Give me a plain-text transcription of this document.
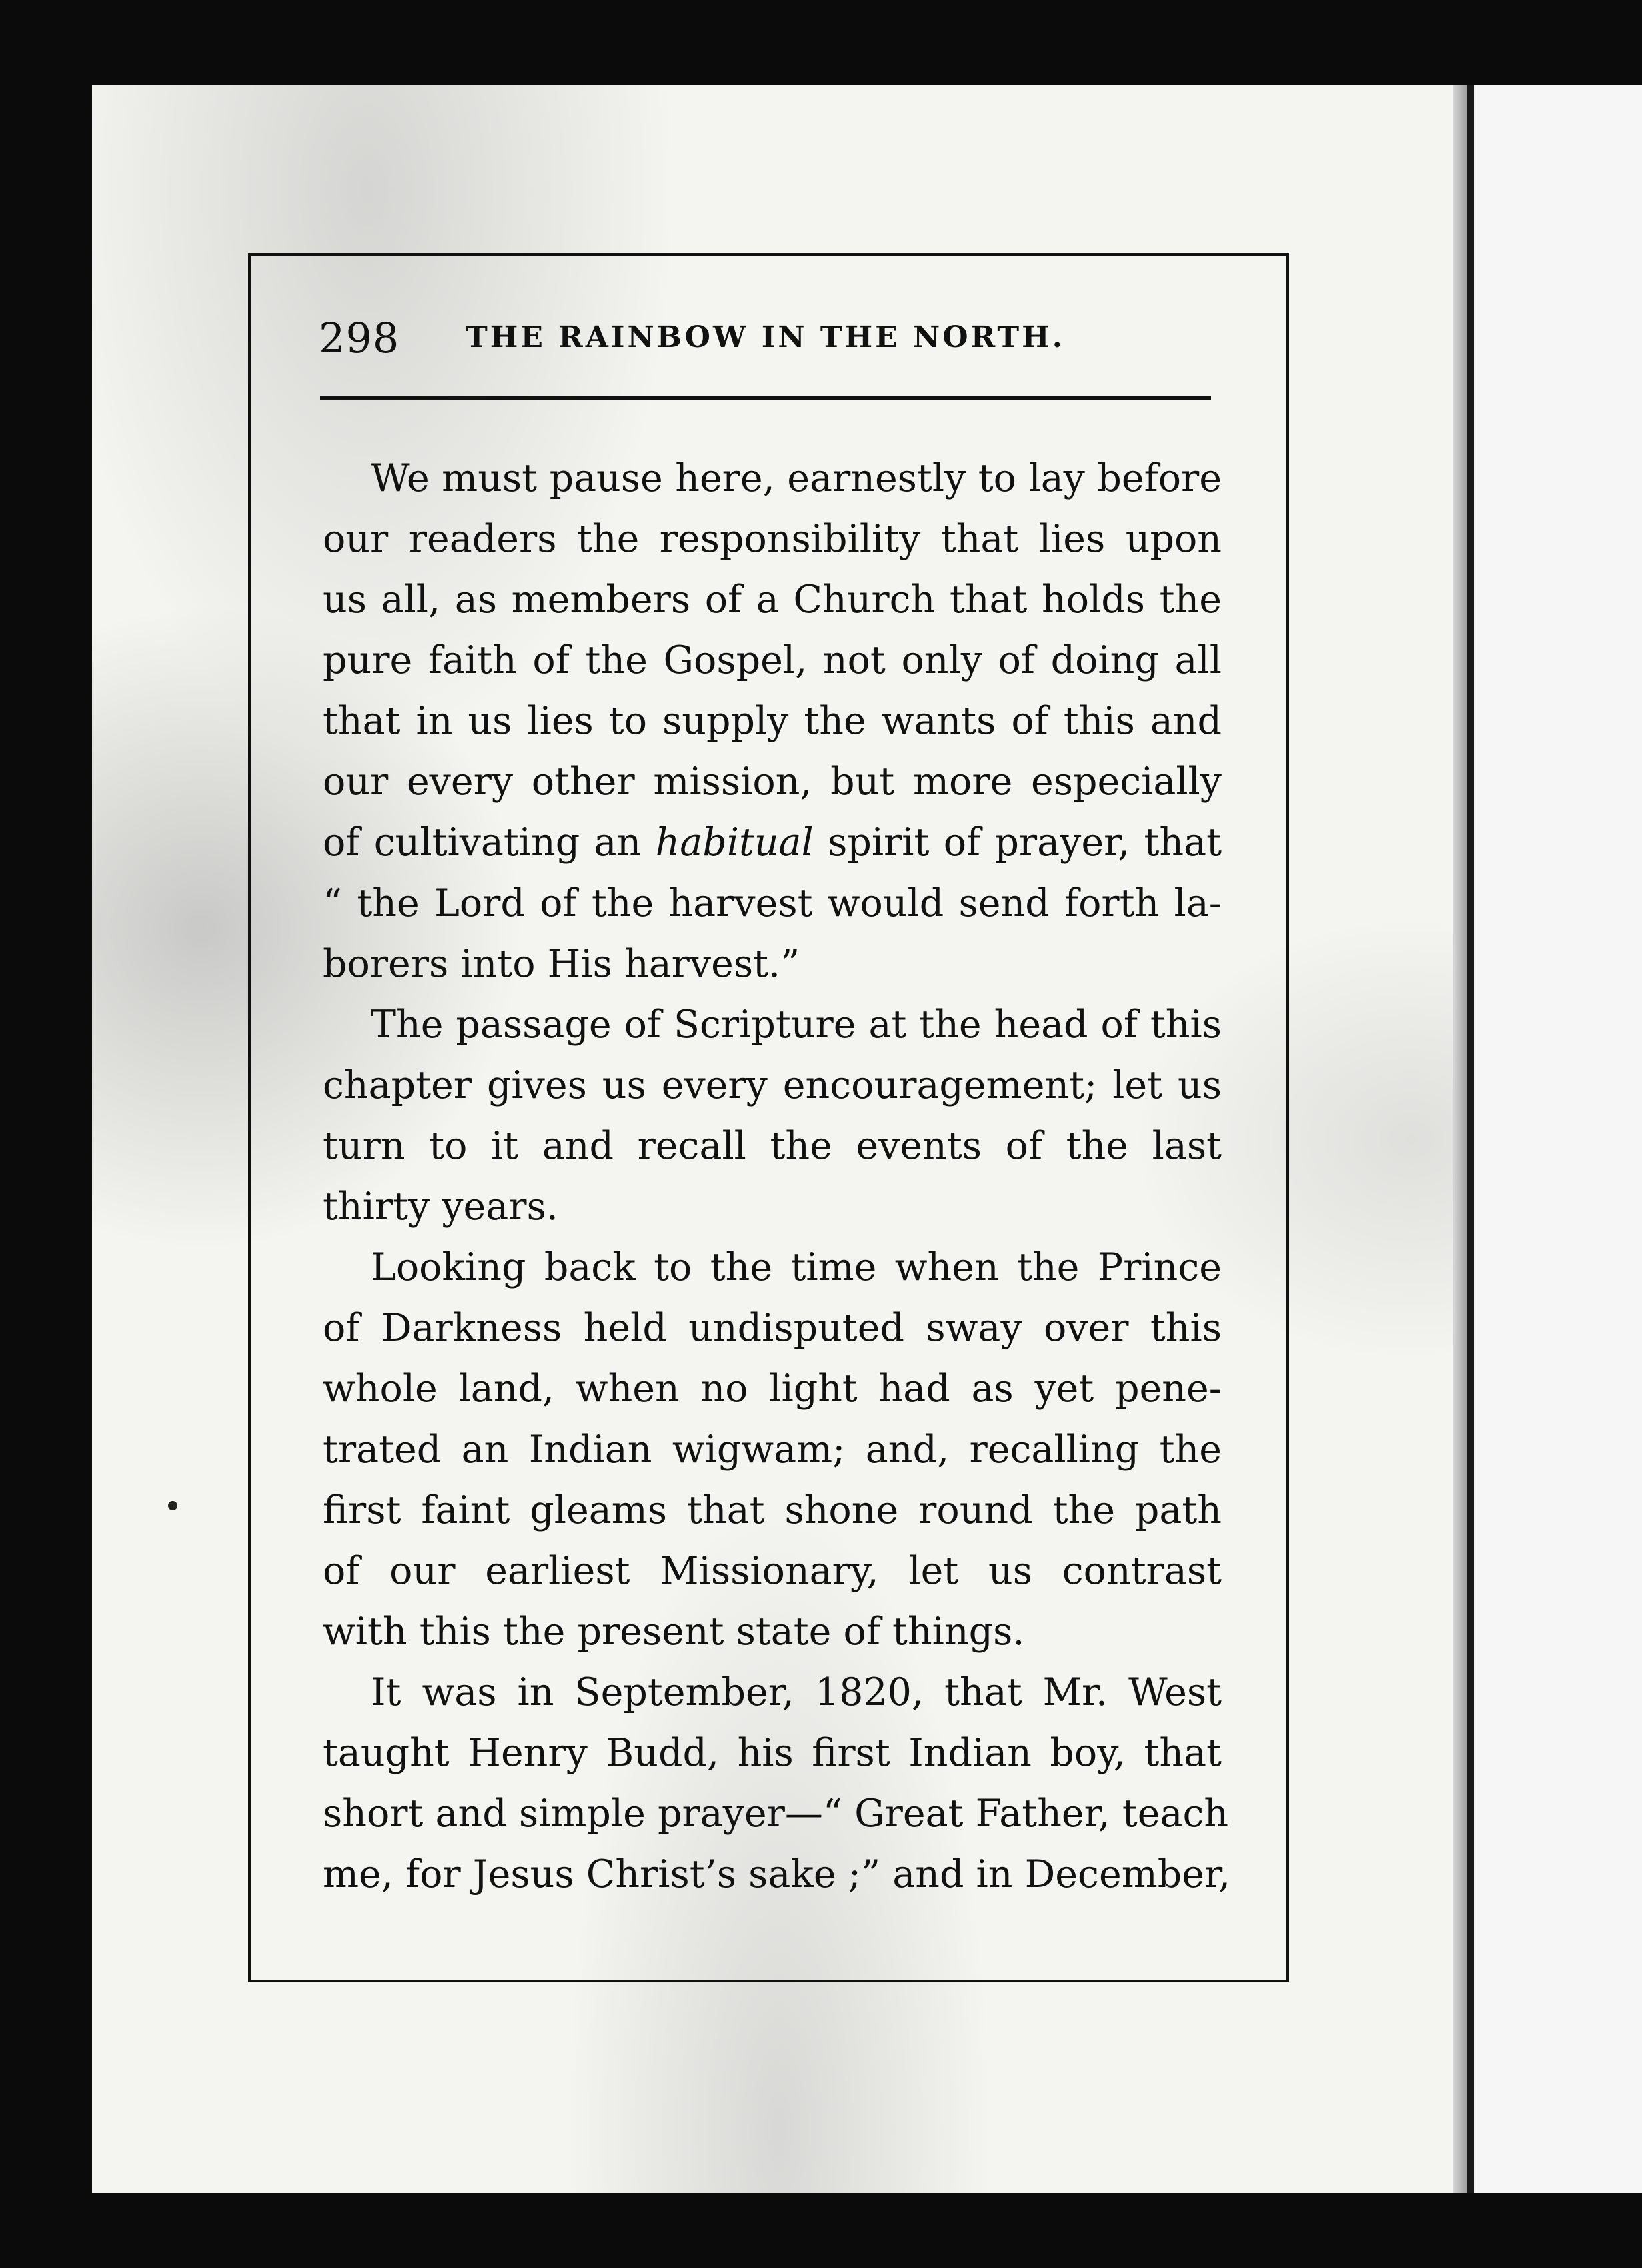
298 THE RAINBOW IN THE NORTH.
We must pause here, earnestly to lay before
our readers the responsibility that lies upon
us all, as members of a Church that holds the
pure faith of the Gospel, not only of doing all
that in us lies to supply the wants of this and
our every other mission, but more especially
of cultivating an habitual spirit of prayer, that
“ the Lord of the harvest would send forth la-
borers into His harvest.”
The passage of Scripture at the head of this
chapter gives us every encouragement; let us
turn to it and recall the events of the last
thirty years.
Looking back to the time when the Prince
of Darkness held undisputed sway over this
whole land, when no light had as yet pene-
trated an Indian wigwam; and, recalling the
first faint gleams that shone round the path
of our earliest Missionary, let us contrast
with this the present state of things.
It was in September, 1820, that Mr. West
taught Henry Budd, his first Indian boy, that
short and simple prayer—“ Great Father, teach
me, for Jesus Christ’s sake ;” and in December,
